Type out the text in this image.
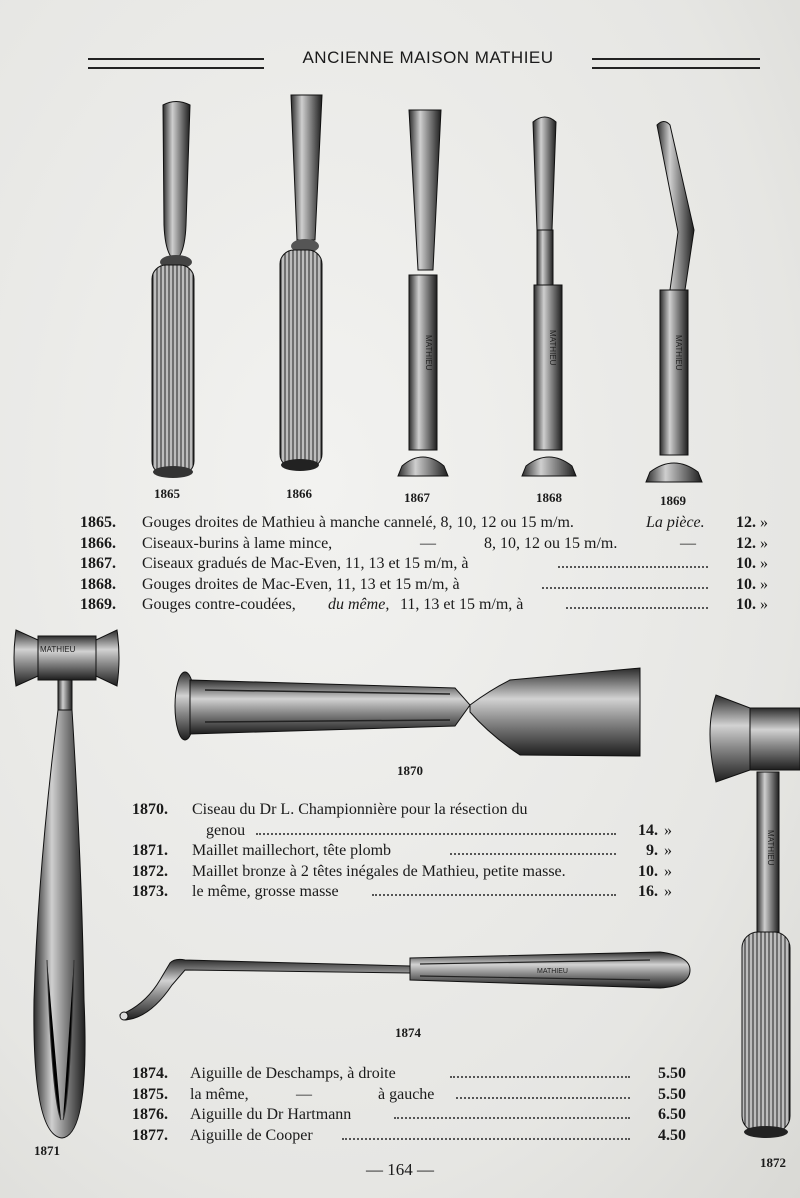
ANCIENNE MAISON MATHIEU
MATHIEU	MATHIEU	MATHIEU
MATHIEU
MATHIEU
MATHIEU
1865	1866	1867	1868	1869
1870
1871
1872
1874
1865. Gouges droites de Mathieu à manche cannelé, 8, 10, 12 ou 15 m/m.	La pièce.	12. »
1866. Ciseaux-burins à lame mince,	—	8, 10, 12 ou 15 m/m.	—	12. »
1867. Ciseaux gradués de Mac-Even, 11, 13 et 15 m/m, à	10. »
1868. Gouges droites de Mac-Even, 11, 13 et 15 m/m, à	10. »
1869. Gouges contre-coudées, du même, 11, 13 et 15 m/m, à	10. »
1870. Ciseau du Dr L. Championnière pour la résection du
genou	14. »
1871. Maillet maillechort, tête plomb	9. »
1872. Maillet bronze à 2 têtes inégales de Mathieu, petite masse.	10. »
1873. le même, grosse masse	16. »
1874. Aiguille de Deschamps, à droite	5.50
1875. la même,	—	à gauche	5.50
1876. Aiguille du Dr Hartmann	6.50
1877. Aiguille de Cooper	4.50
— 164 —
